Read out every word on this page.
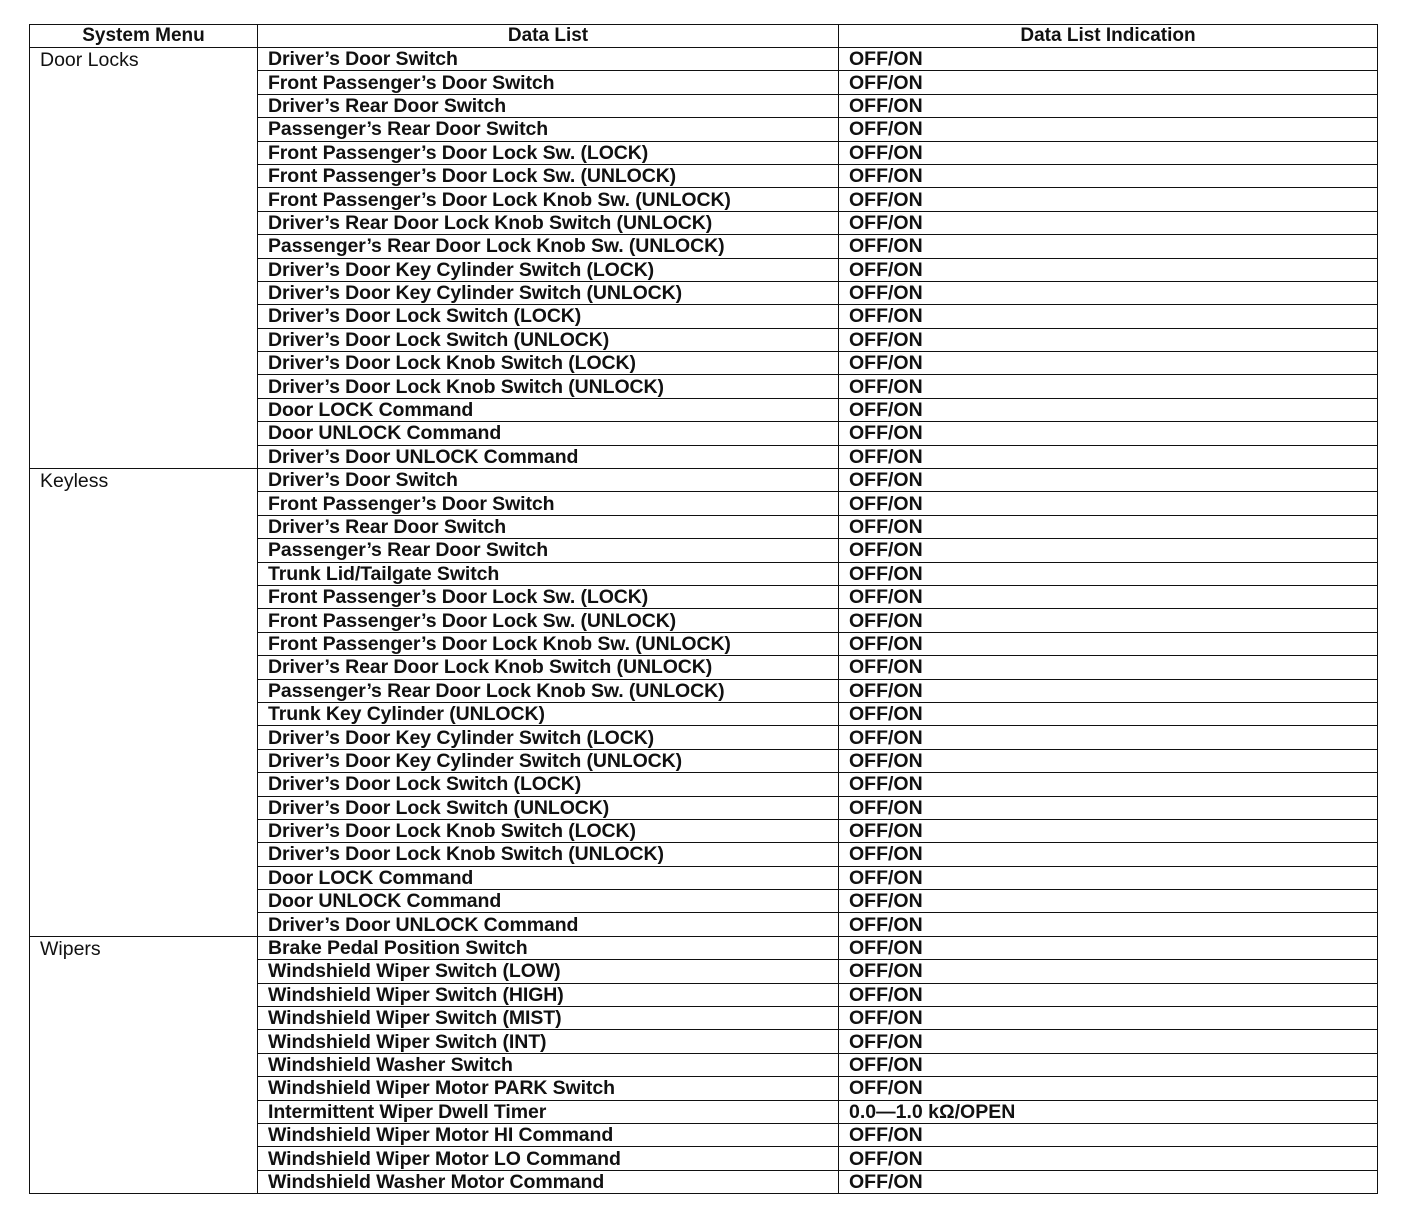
System Menu	Data List	Data List Indication
Door Locks	Driver’s Door Switch	OFF/ON
	Front Passenger’s Door Switch	OFF/ON
	Driver’s Rear Door Switch	OFF/ON
	Passenger’s Rear Door Switch	OFF/ON
	Front Passenger’s Door Lock Sw. (LOCK)	OFF/ON
	Front Passenger’s Door Lock Sw. (UNLOCK)	OFF/ON
	Front Passenger’s Door Lock Knob Sw. (UNLOCK)	OFF/ON
	Driver’s Rear Door Lock Knob Switch (UNLOCK)	OFF/ON
	Passenger’s Rear Door Lock Knob Sw. (UNLOCK)	OFF/ON
	Driver’s Door Key Cylinder Switch (LOCK)	OFF/ON
	Driver’s Door Key Cylinder Switch (UNLOCK)	OFF/ON
	Driver’s Door Lock Switch (LOCK)	OFF/ON
	Driver’s Door Lock Switch (UNLOCK)	OFF/ON
	Driver’s Door Lock Knob Switch (LOCK)	OFF/ON
	Driver’s Door Lock Knob Switch (UNLOCK)	OFF/ON
	Door LOCK Command	OFF/ON
	Door UNLOCK Command	OFF/ON
	Driver’s Door UNLOCK Command	OFF/ON
Keyless	Driver’s Door Switch	OFF/ON
	Front Passenger’s Door Switch	OFF/ON
	Driver’s Rear Door Switch	OFF/ON
	Passenger’s Rear Door Switch	OFF/ON
	Trunk Lid/Tailgate Switch	OFF/ON
	Front Passenger’s Door Lock Sw. (LOCK)	OFF/ON
	Front Passenger’s Door Lock Sw. (UNLOCK)	OFF/ON
	Front Passenger’s Door Lock Knob Sw. (UNLOCK)	OFF/ON
	Driver’s Rear Door Lock Knob Switch (UNLOCK)	OFF/ON
	Passenger’s Rear Door Lock Knob Sw. (UNLOCK)	OFF/ON
	Trunk Key Cylinder (UNLOCK)	OFF/ON
	Driver’s Door Key Cylinder Switch (LOCK)	OFF/ON
	Driver’s Door Key Cylinder Switch (UNLOCK)	OFF/ON
	Driver’s Door Lock Switch (LOCK)	OFF/ON
	Driver’s Door Lock Switch (UNLOCK)	OFF/ON
	Driver’s Door Lock Knob Switch (LOCK)	OFF/ON
	Driver’s Door Lock Knob Switch (UNLOCK)	OFF/ON
	Door LOCK Command	OFF/ON
	Door UNLOCK Command	OFF/ON
	Driver’s Door UNLOCK Command	OFF/ON
Wipers	Brake Pedal Position Switch	OFF/ON
	Windshield Wiper Switch (LOW)	OFF/ON
	Windshield Wiper Switch (HIGH)	OFF/ON
	Windshield Wiper Switch (MIST)	OFF/ON
	Windshield Wiper Switch (INT)	OFF/ON
	Windshield Washer Switch	OFF/ON
	Windshield Wiper Motor PARK Switch	OFF/ON
	Intermittent Wiper Dwell Timer	0.0—1.0 kΩ/OPEN
	Windshield Wiper Motor HI Command	OFF/ON
	Windshield Wiper Motor LO Command	OFF/ON
	Windshield Washer Motor Command	OFF/ON
